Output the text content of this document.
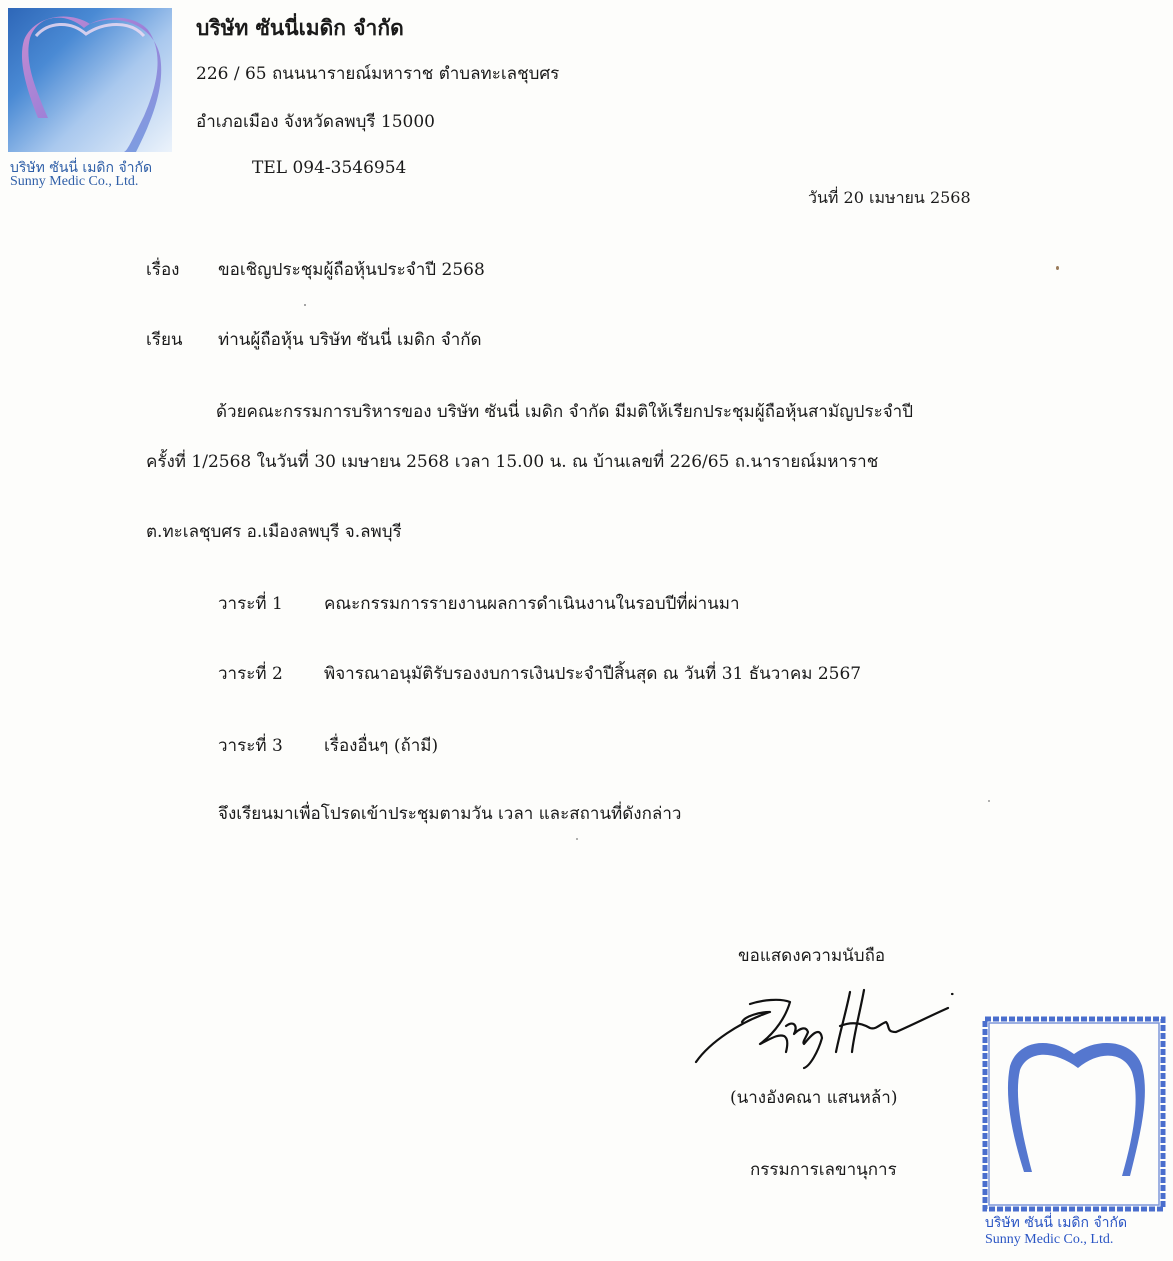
บริษัท ซันนี่ เมดิก จำกัด
Sunny Medic Co., Ltd.
บริษัท ซันนี่เมดิก จำกัด
226 / 65 ถนนนารายณ์มหาราช ตำบลทะเลชุบศร
อำเภอเมือง จังหวัดลพบุรี 15000
TEL 094-3546954
วันที่ 20 เมษายน 2568
เรื่อง ขอเชิญประชุมผู้ถือหุ้นประจำปี 2568
เรียน ท่านผู้ถือหุ้น บริษัท ซันนี่ เมดิก จำกัด
ด้วยคณะกรรมการบริหารของ บริษัท ซันนี่ เมดิก จำกัด มีมติให้เรียกประชุมผู้ถือหุ้นสามัญประจำปี
ครั้งที่ 1/2568 ในวันที่ 30 เมษายน 2568 เวลา 15.00 น. ณ บ้านเลขที่ 226/65 ถ.นารายณ์มหาราช
ต.ทะเลชุบศร อ.เมืองลพบุรี จ.ลพบุรี
วาระที่ 1 คณะกรรมการรายงานผลการดำเนินงานในรอบปีที่ผ่านมา
วาระที่ 2 พิจารณาอนุมัติรับรองงบการเงินประจำปีสิ้นสุด ณ วันที่ 31 ธันวาคม 2567
วาระที่ 3 เรื่องอื่นๆ (ถ้ามี)
จึงเรียนมาเพื่อโปรดเข้าประชุมตามวัน เวลา และสถานที่ดังกล่าว
ขอแสดงความนับถือ
(นางอังคณา แสนหล้า)
กรรมการเลขานุการ
บริษัท ซันนี่ เมดิก จำกัด
Sunny Medic Co., Ltd.
